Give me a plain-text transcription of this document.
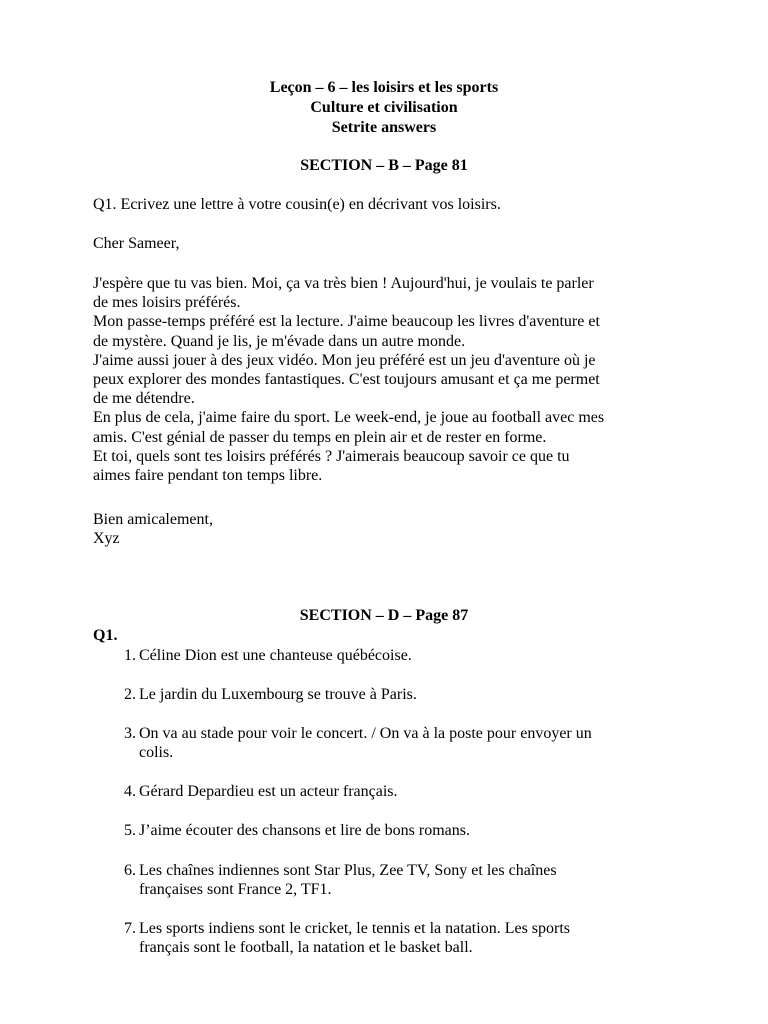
Leçon – 6 – les loisirs et les sports
Culture et civilisation
Setrite answers
SECTION – B – Page 81
Q1. Ecrivez une lettre à votre cousin(e) en décrivant vos loisirs.
Cher Sameer,
J'espère que tu vas bien. Moi, ça va très bien ! Aujourd'hui, je voulais te parler
de mes loisirs préférés.
Mon passe-temps préféré est la lecture. J'aime beaucoup les livres d'aventure et
de mystère. Quand je lis, je m'évade dans un autre monde.
J'aime aussi jouer à des jeux vidéo. Mon jeu préféré est un jeu d'aventure où je
peux explorer des mondes fantastiques. C'est toujours amusant et ça me permet
de me détendre.
En plus de cela, j'aime faire du sport. Le week-end, je joue au football avec mes
amis. C'est génial de passer du temps en plein air et de rester en forme.
Et toi, quels sont tes loisirs préférés ? J'aimerais beaucoup savoir ce que tu
aimes faire pendant ton temps libre.
Bien amicalement,
Xyz
SECTION – D – Page 87
Q1.
1. Céline Dion est une chanteuse québécoise.
2. Le jardin du Luxembourg se trouve à Paris.
3. On va au stade pour voir le concert. / On va à la poste pour envoyer un
colis.
4. Gérard Depardieu est un acteur français.
5. J’aime écouter des chansons et lire de bons romans.
6. Les chaînes indiennes sont Star Plus, Zee TV, Sony et les chaînes
françaises sont France 2, TF1.
7. Les sports indiens sont le cricket, le tennis et la natation. Les sports
français sont le football, la natation et le basket ball.
